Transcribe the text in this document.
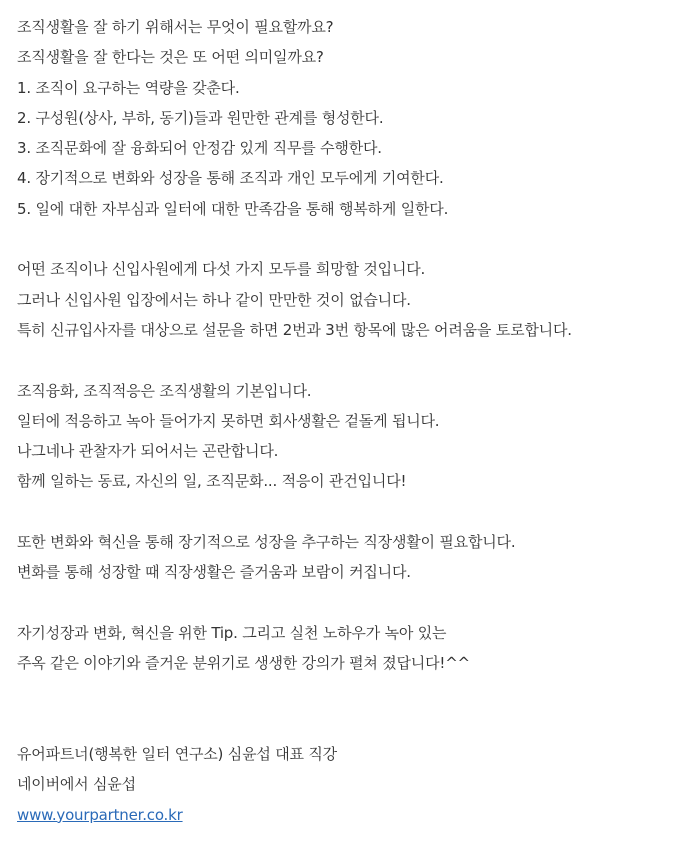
조직생활을 잘 하기 위해서는 무엇이 필요할까요?
조직생활을 잘 한다는 것은 또 어떤 의미일까요?
1. 조직이 요구하는 역량을 갖춘다.
2. 구성원(상사, 부하, 동기)들과 원만한 관계를 형성한다.
3. 조직문화에 잘 융화되어 안정감 있게 직무를 수행한다.
4. 장기적으로 변화와 성장을 통해 조직과 개인 모두에게 기여한다.
5. 일에 대한 자부심과 일터에 대한 만족감을 통해 행복하게 일한다.
어떤 조직이나 신입사원에게 다섯 가지 모두를 희망할 것입니다.
그러나 신입사원 입장에서는 하나 같이 만만한 것이 없습니다.
특히 신규입사자를 대상으로 설문을 하면 2번과 3번 항목에 많은 어려움을 토로합니다.
조직융화, 조직적응은 조직생활의 기본입니다.
일터에 적응하고 녹아 들어가지 못하면 회사생활은 겉돌게 됩니다.
나그네나 관찰자가 되어서는 곤란합니다.
함께 일하는 동료, 자신의 일, 조직문화... 적응이 관건입니다!
또한 변화와 혁신을 통해 장기적으로 성장을 추구하는 직장생활이 필요합니다.
변화를 통해 성장할 때 직장생활은 즐거움과 보람이 커집니다.
자기성장과 변화, 혁신을 위한 Tip. 그리고 실천 노하우가 녹아 있는
주옥 같은 이야기와 즐거운 분위기로 생생한 강의가 펼쳐 졌답니다!^^
유어파트너(행복한 일터 연구소) 심윤섭 대표 직강
네이버에서 심윤섭
www.yourpartner.co.kr
